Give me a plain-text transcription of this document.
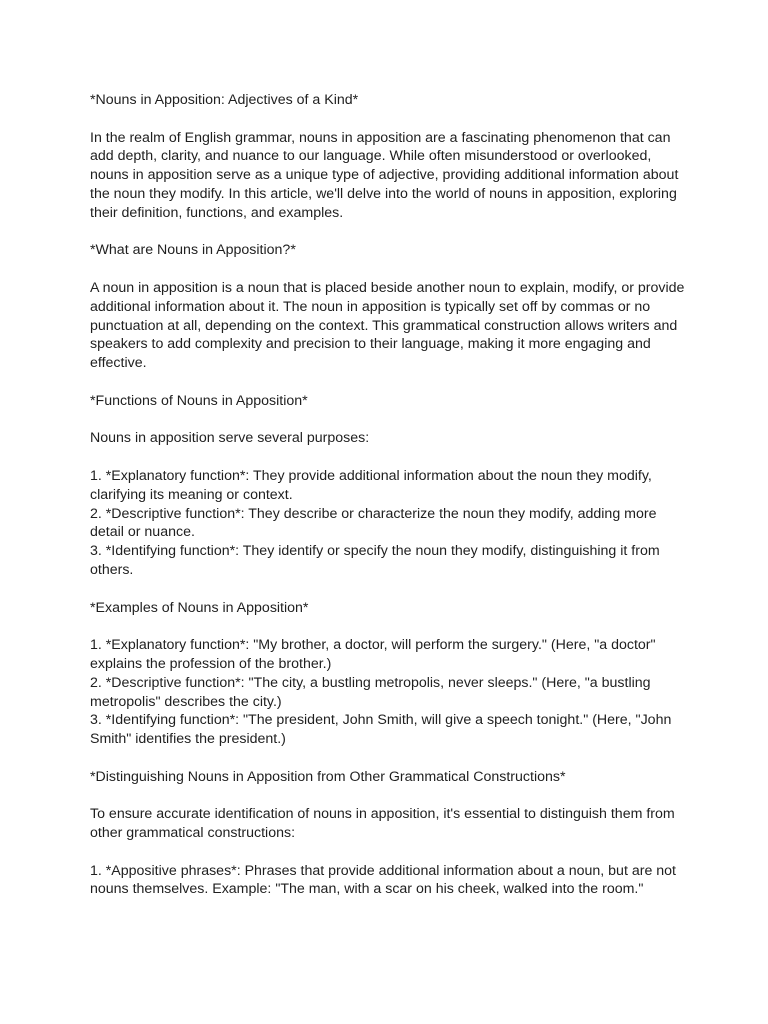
*Nouns in Apposition: Adjectives of a Kind*

In the realm of English grammar, nouns in apposition are a fascinating phenomenon that can add depth, clarity, and nuance to our language. While often misunderstood or overlooked, nouns in apposition serve as a unique type of adjective, providing additional information about the noun they modify. In this article, we'll delve into the world of nouns in apposition, exploring their definition, functions, and examples.

*What are Nouns in Apposition?*

A noun in apposition is a noun that is placed beside another noun to explain, modify, or provide additional information about it. The noun in apposition is typically set off by commas or no punctuation at all, depending on the context. This grammatical construction allows writers and speakers to add complexity and precision to their language, making it more engaging and effective.

*Functions of Nouns in Apposition*

Nouns in apposition serve several purposes:

1. *Explanatory function*: They provide additional information about the noun they modify, clarifying its meaning or context.

2. *Descriptive function*: They describe or characterize the noun they modify, adding more detail or nuance.

3. *Identifying function*: They identify or specify the noun they modify, distinguishing it from others.

*Examples of Nouns in Apposition*

1. *Explanatory function*: "My brother, a doctor, will perform the surgery." (Here, "a doctor" explains the profession of the brother.)

2. *Descriptive function*: "The city, a bustling metropolis, never sleeps." (Here, "a bustling metropolis" describes the city.)

3. *Identifying function*: "The president, John Smith, will give a speech tonight." (Here, "John Smith" identifies the president.)

*Distinguishing Nouns in Apposition from Other Grammatical Constructions*

To ensure accurate identification of nouns in apposition, it's essential to distinguish them from other grammatical constructions:

1. *Appositive phrases*: Phrases that provide additional information about a noun, but are not nouns themselves. Example: "The man, with a scar on his cheek, walked into the room."
